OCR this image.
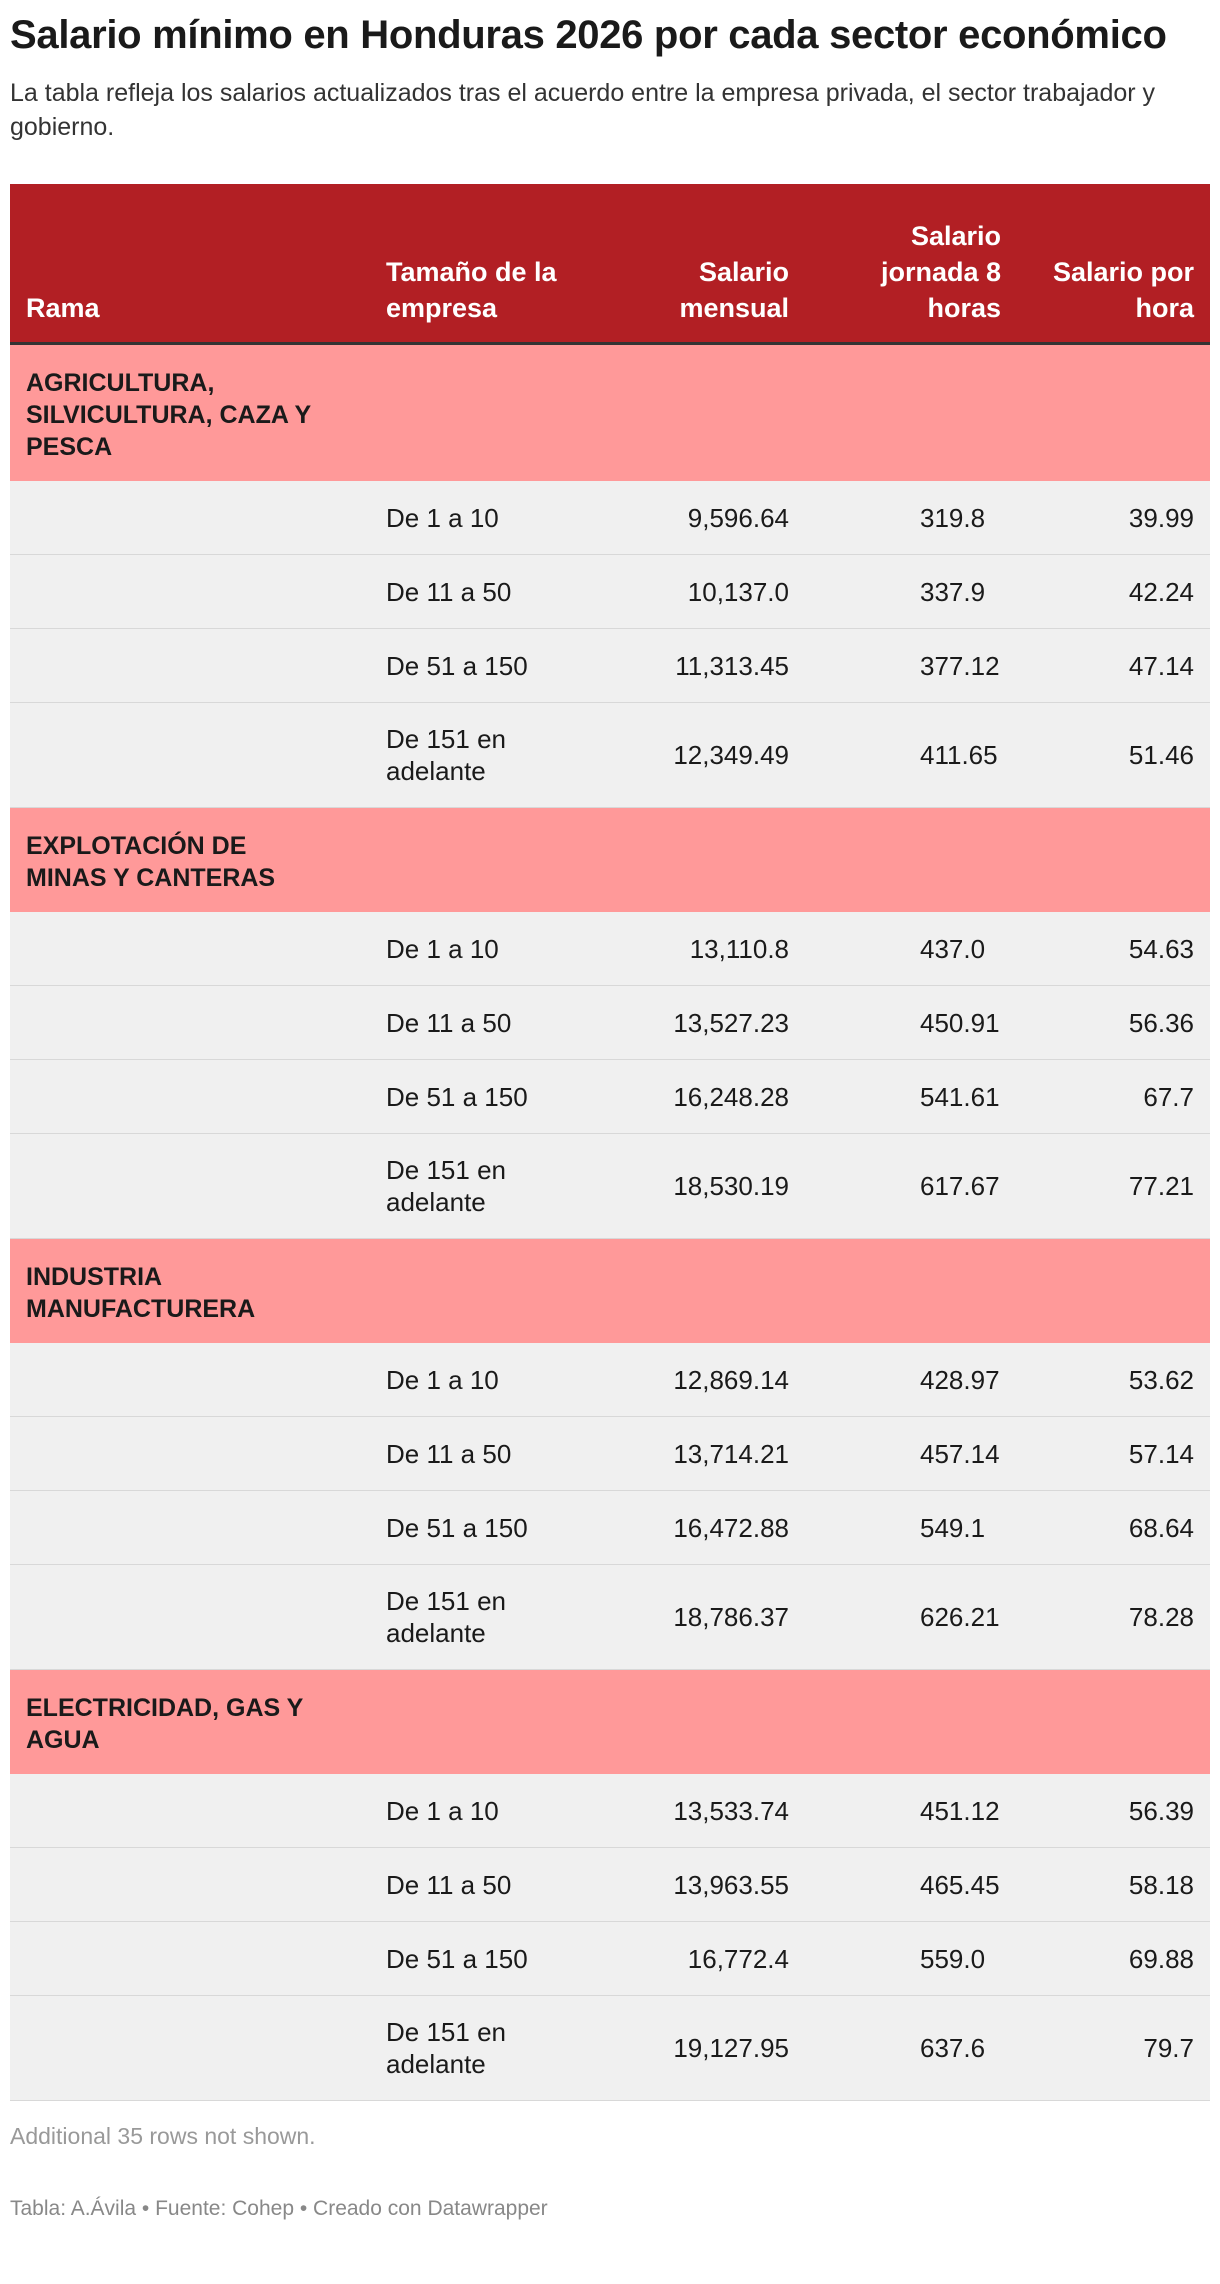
Salario mínimo en Honduras 2026 por cada sector económico
La tabla refleja los salarios actualizados tras el acuerdo entre la empresa privada, el sector trabajador y gobierno.
Rama	Tamaño de la empresa	Salario mensual	Salario jornada 8 horas	Salario por hora

AGRICULTURA, SILVICULTURA, CAZA Y PESCA				

	De 1 a 10	9,596.64	319.8	39.99
	De 11 a 50	10,137.0	337.9	42.24
	De 51 a 150	11,313.45	377.12	47.14
	De 151 en adelante	12,349.49	411.65	51.46

EXPLOTACIÓN DE MINAS Y CANTERAS				

	De 1 a 10	13,110.8	437.0	54.63
	De 11 a 50	13,527.23	450.91	56.36
	De 51 a 150	16,248.28	541.61	67.7
	De 151 en adelante	18,530.19	617.67	77.21

INDUSTRIA MANUFACTURERA				

	De 1 a 10	12,869.14	428.97	53.62
	De 11 a 50	13,714.21	457.14	57.14
	De 51 a 150	16,472.88	549.1	68.64
	De 151 en adelante	18,786.37	626.21	78.28

ELECTRICIDAD, GAS Y AGUA				

	De 1 a 10	13,533.74	451.12	56.39
	De 11 a 50	13,963.55	465.45	58.18
	De 51 a 150	16,772.4	559.0	69.88
	De 151 en adelante	19,127.95	637.6	79.7
Additional 35 rows not shown.
Tabla: A.Ávila • Fuente: Cohep • Creado con Datawrapper
